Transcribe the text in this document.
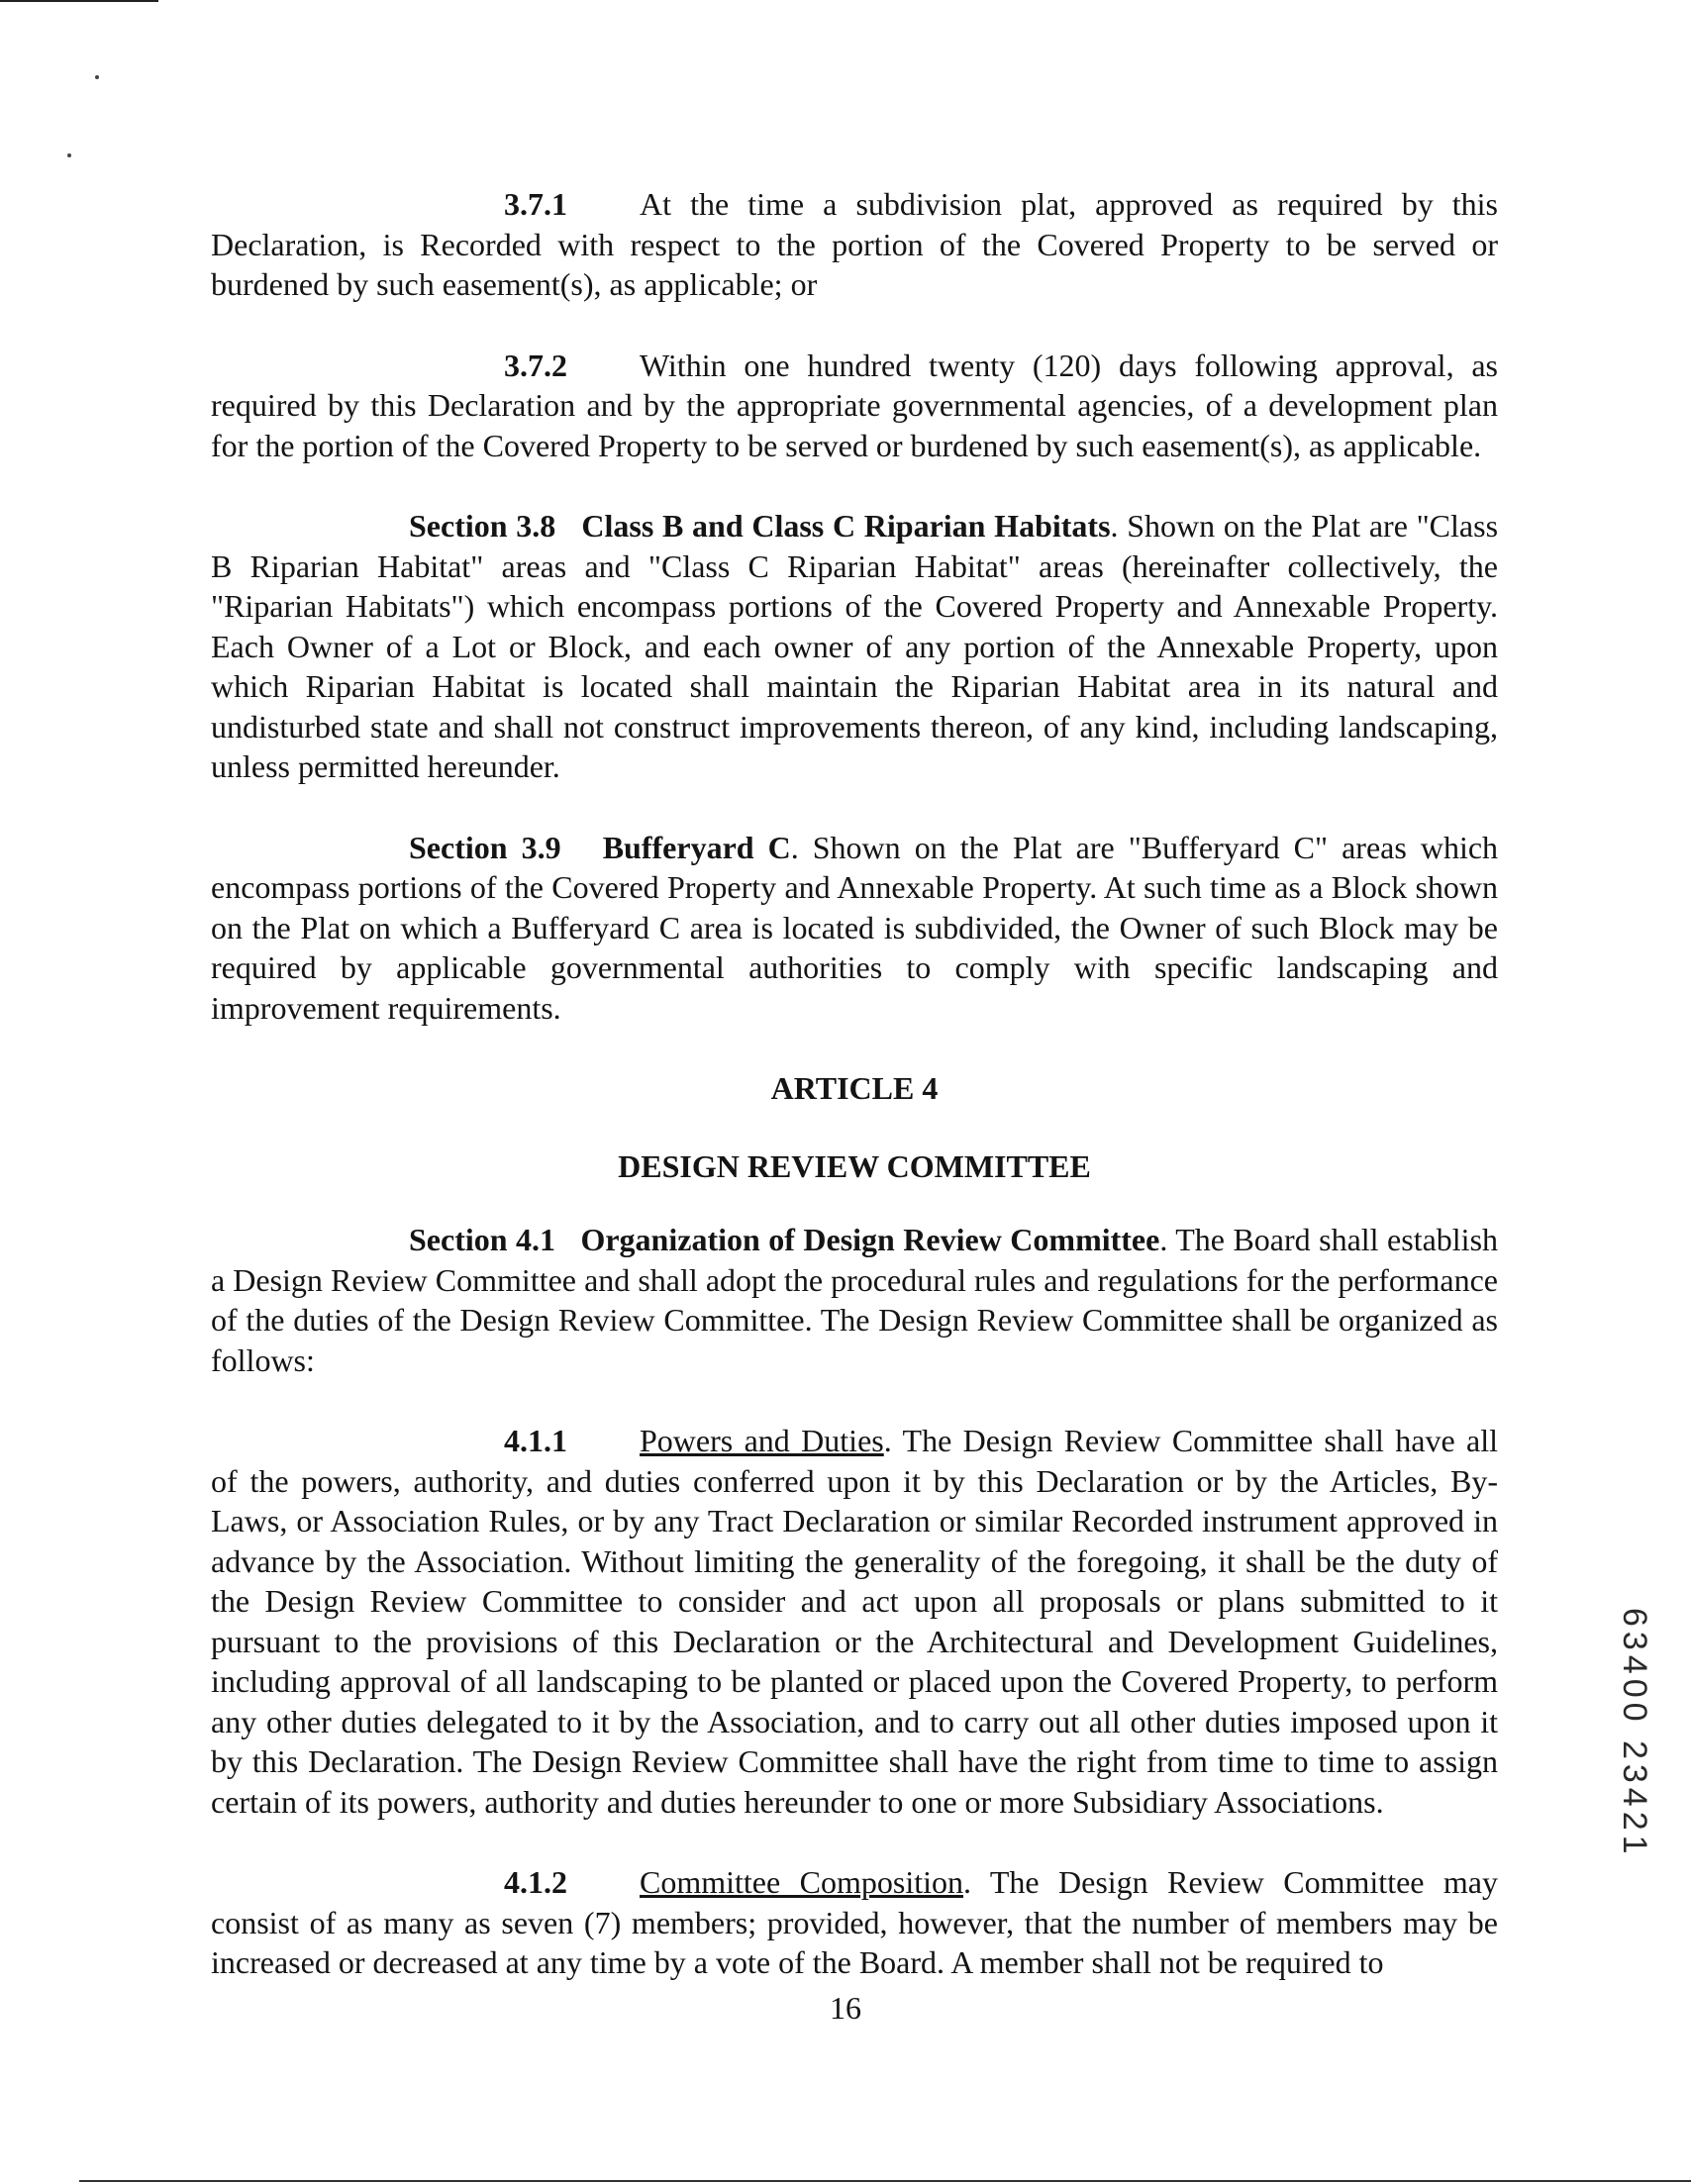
3.7.1 At the time a subdivision plat, approved as required by this Declaration, is Recorded with respect to the portion of the Covered Property to be served or burdened by such easement(s), as applicable; or

3.7.2 Within one hundred twenty (120) days following approval, as required by this Declaration and by the appropriate governmental agencies, of a development plan for the portion of the Covered Property to be served or burdened by such easement(s), as applicable.

Section 3.8 Class B and Class C Riparian Habitats. Shown on the Plat are "Class B Riparian Habitat" areas and "Class C Riparian Habitat" areas (hereinafter collectively, the "Riparian Habitats") which encompass portions of the Covered Property and Annexable Property. Each Owner of a Lot or Block, and each owner of any portion of the Annexable Property, upon which Riparian Habitat is located shall maintain the Riparian Habitat area in its natural and undisturbed state and shall not construct improvements thereon, of any kind, including landscaping, unless permitted hereunder.

Section 3.9 Bufferyard C. Shown on the Plat are "Bufferyard C" areas which encompass portions of the Covered Property and Annexable Property. At such time as a Block shown on the Plat on which a Bufferyard C area is located is subdivided, the Owner of such Block may be required by applicable governmental authorities to comply with specific landscaping and improvement requirements.

ARTICLE 4

DESIGN REVIEW COMMITTEE

Section 4.1 Organization of Design Review Committee. The Board shall establish a Design Review Committee and shall adopt the procedural rules and regulations for the performance of the duties of the Design Review Committee. The Design Review Committee shall be organized as follows:

4.1.1 Powers and Duties. The Design Review Committee shall have all of the powers, authority, and duties conferred upon it by this Declaration or by the Articles, By-Laws, or Association Rules, or by any Tract Declaration or similar Recorded instrument approved in advance by the Association. Without limiting the generality of the foregoing, it shall be the duty of the Design Review Committee to consider and act upon all proposals or plans submitted to it pursuant to the provisions of this Declaration or the Architectural and Development Guidelines, including approval of all landscaping to be planted or placed upon the Covered Property, to perform any other duties delegated to it by the Association, and to carry out all other duties imposed upon it by this Declaration. The Design Review Committee shall have the right from time to time to assign certain of its powers, authority and duties hereunder to one or more Subsidiary Associations.

4.1.2 Committee Composition. The Design Review Committee may consist of as many as seven (7) members; provided, however, that the number of members may be increased or decreased at any time by a vote of the Board. A member shall not be required to

16
63400 23421
